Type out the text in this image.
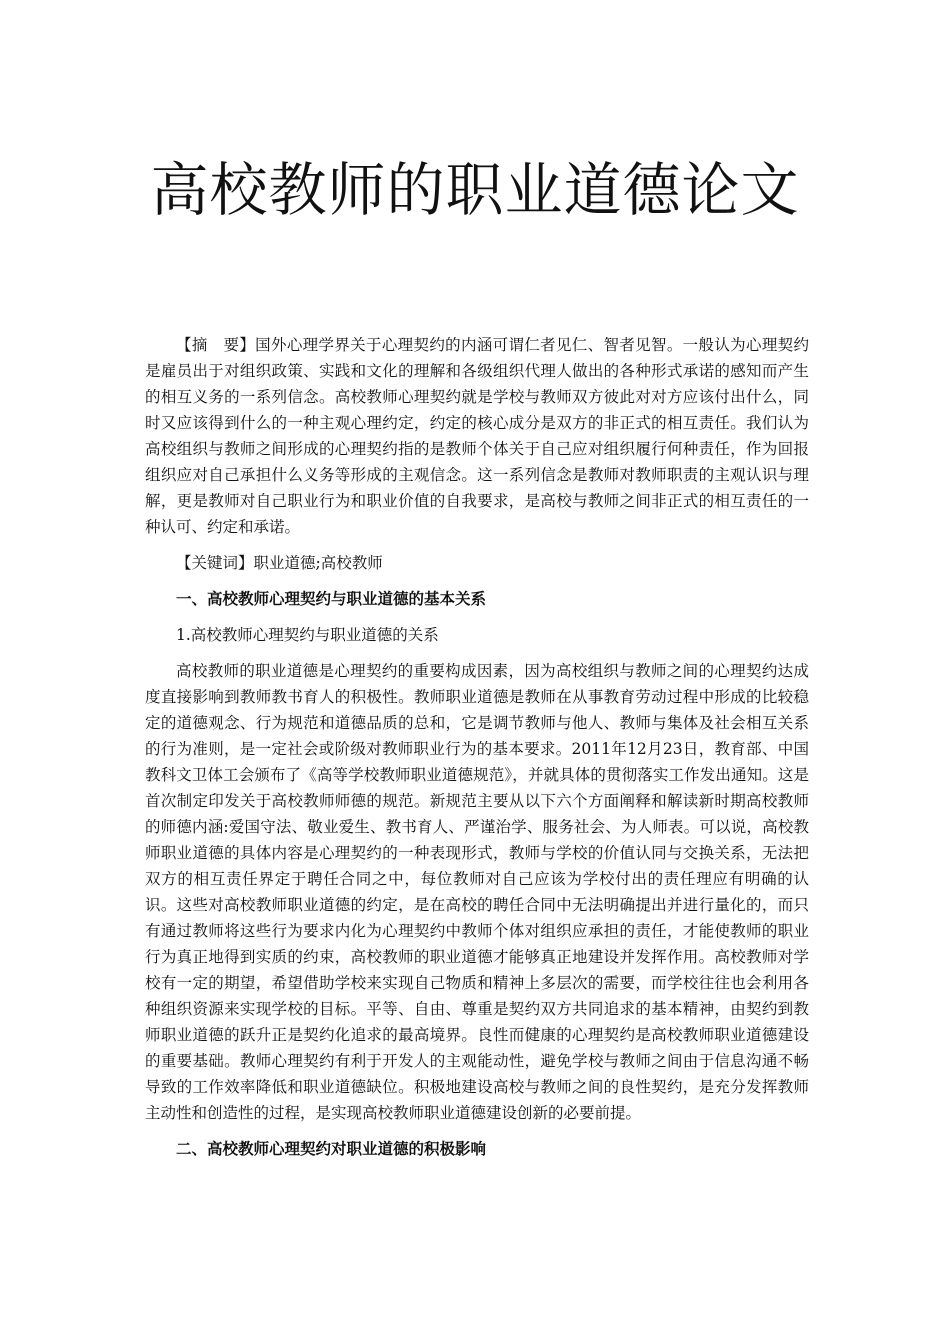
高校教师的职业道德论文

【摘　要】国外心理学界关于心理契约的内涵可谓仁者见仁、智者见智。一般认为心理契约是雇员出于对组织政策、实践和文化的理解和各级组织代理人做出的各种形式承诺的感知而产生的相互义务的一系列信念。高校教师心理契约就是学校与教师双方彼此对对方应该付出什么，同时又应该得到什么的一种主观心理约定，约定的核心成分是双方的非正式的相互责任。我们认为高校组织与教师之间形成的心理契约指的是教师个体关于自己应对组织履行何种责任，作为回报组织应对自己承担什么义务等形成的主观信念。这一系列信念是教师对教师职责的主观认识与理解，更是教师对自己职业行为和职业价值的自我要求，是高校与教师之间非正式的相互责任的一种认可、约定和承诺。

【关键词】职业道德;高校教师

一、高校教师心理契约与职业道德的基本关系

1.高校教师心理契约与职业道德的关系

高校教师的职业道德是心理契约的重要构成因素，因为高校组织与教师之间的心理契约达成度直接影响到教师教书育人的积极性。教师职业道德是教师在从事教育劳动过程中形成的比较稳定的道德观念、行为规范和道德品质的总和，它是调节教师与他人、教师与集体及社会相互关系的行为准则，是一定社会或阶级对教师职业行为的基本要求。2011年12月23日，教育部、中国教科文卫体工会颁布了《高等学校教师职业道德规范》，并就具体的贯彻落实工作发出通知。这是首次制定印发关于高校教师师德的规范。新规范主要从以下六个方面阐释和解读新时期高校教师的师德内涵:爱国守法、敬业爱生、教书育人、严谨治学、服务社会、为人师表。可以说，高校教师职业道德的具体内容是心理契约的一种表现形式，教师与学校的价值认同与交换关系，无法把双方的相互责任界定于聘任合同之中，每位教师对自己应该为学校付出的责任理应有明确的认识。这些对高校教师职业道德的约定，是在高校的聘任合同中无法明确提出并进行量化的，而只有通过教师将这些行为要求内化为心理契约中教师个体对组织应承担的责任，才能使教师的职业行为真正地得到实质的约束，高校教师的职业道德才能够真正地建设并发挥作用。高校教师对学校有一定的期望，希望借助学校来实现自己物质和精神上多层次的需要，而学校往往也会利用各种组织资源来实现学校的目标。平等、自由、尊重是契约双方共同追求的基本精神，由契约到教师职业道德的跃升正是契约化追求的最高境界。良性而健康的心理契约是高校教师职业道德建设的重要基础。教师心理契约有利于开发人的主观能动性，避免学校与教师之间由于信息沟通不畅导致的工作效率降低和职业道德缺位。积极地建设高校与教师之间的良性契约，是充分发挥教师主动性和创造性的过程，是实现高校教师职业道德建设创新的必要前提。

二、高校教师心理契约对职业道德的积极影响
